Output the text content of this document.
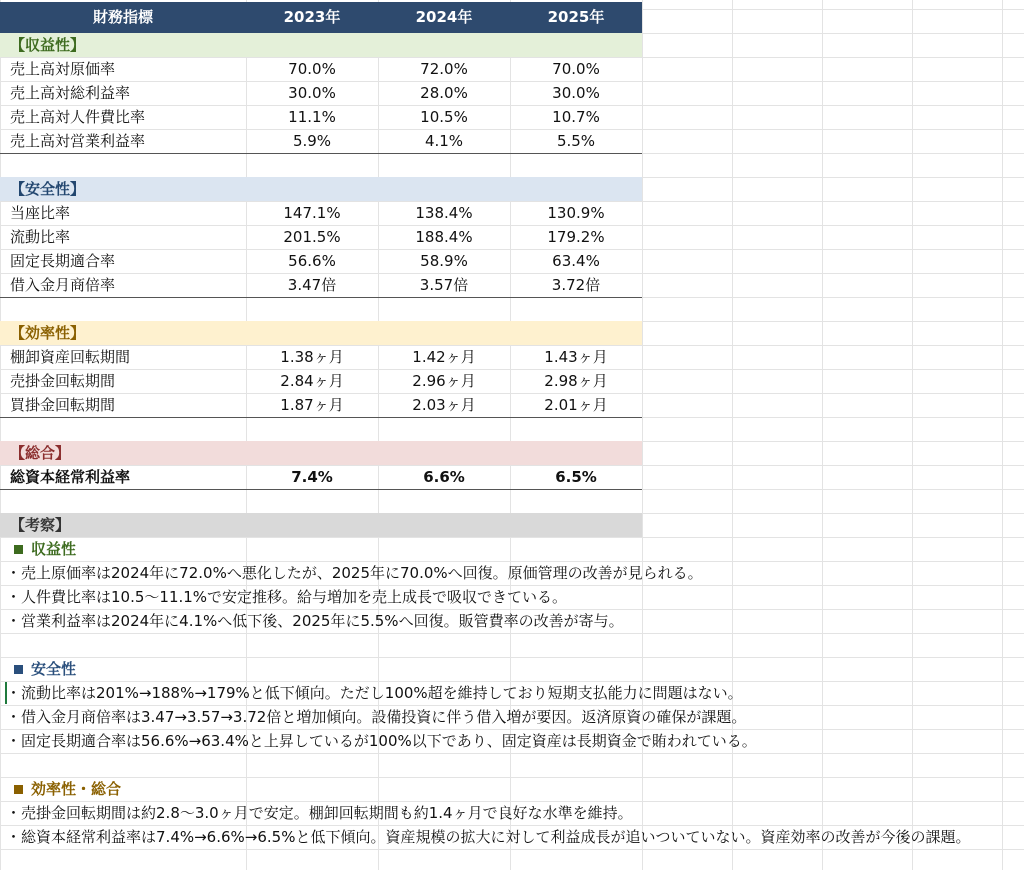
財務指標	2023年	2024年	2025年
【収益性】
売上高対原価率	70.0%	72.0%	70.0%
売上高対総利益率	30.0%	28.0%	30.0%
売上高対人件費比率	11.1%	10.5%	10.7%
売上高対営業利益率	5.9%	4.1%	5.5%
【安全性】
当座比率	147.1%	138.4%	130.9%
流動比率	201.5%	188.4%	179.2%
固定長期適合率	56.6%	58.9%	63.4%
借入金月商倍率	3.47倍	3.57倍	3.72倍
【効率性】
棚卸資産回転期間	1.38ヶ月	1.42ヶ月	1.43ヶ月
売掛金回転期間	2.84ヶ月	2.96ヶ月	2.98ヶ月
買掛金回転期間	1.87ヶ月	2.03ヶ月	2.01ヶ月
【総合】
総資本経常利益率	7.4%	6.6%	6.5%
【考察】
収益性
・売上原価率は2024年に72.0%へ悪化したが、2025年に70.0%へ回復。原価管理の改善が見られる。
・人件費比率は10.5〜11.1%で安定推移。給与増加を売上成長で吸収できている。
・営業利益率は2024年に4.1%へ低下後、2025年に5.5%へ回復。販管費率の改善が寄与。
安全性
・流動比率は201%→188%→179%と低下傾向。ただし100%超を維持しており短期支払能力に問題はない。
・借入金月商倍率は3.47→3.57→3.72倍と増加傾向。設備投資に伴う借入増が要因。返済原資の確保が課題。
・固定長期適合率は56.6%→63.4%と上昇しているが100%以下であり、固定資産は長期資金で賄われている。
効率性・総合
・売掛金回転期間は約2.8〜3.0ヶ月で安定。棚卸回転期間も約1.4ヶ月で良好な水準を維持。
・総資本経常利益率は7.4%→6.6%→6.5%と低下傾向。資産規模の拡大に対して利益成長が追いついていない。資産効率の改善が今後の課題。
